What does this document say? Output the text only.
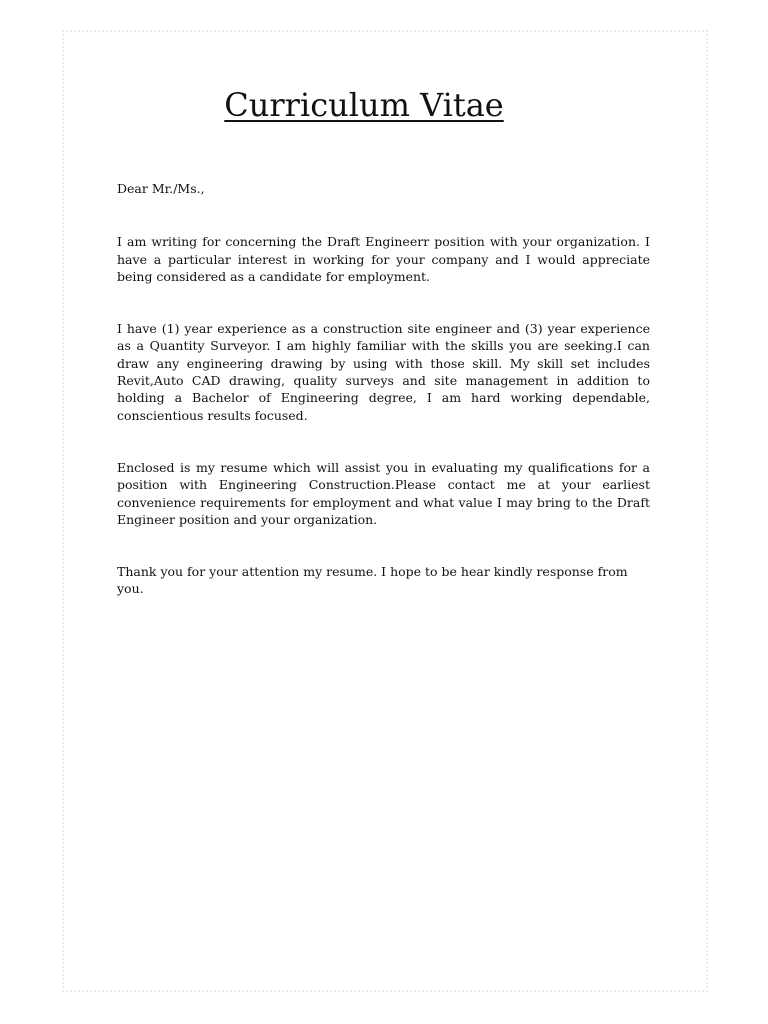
Curriculum Vitae

Dear Mr./Ms.,

I am writing for concerning the Draft Engineerr position with your organization. I have a particular interest in working for your company and I would appreciate being considered as a candidate for employment.

I have (1) year experience as a construction site engineer and (3) year experience as a Quantity Surveyor. I am highly familiar with the skills you are seeking.I can draw any engineering drawing by using with those skill. My skill set includes Revit,Auto CAD drawing, quality surveys and site management in addition to holding a Bachelor of Engineering degree, I am hard working dependable, conscientious results focused.

Enclosed is my resume which will assist you in evaluating my qualifications for a position with Engineering Construction.Please contact me at your earliest convenience requirements for employment and what value I may bring to the Draft Engineer position and your organization.

Thank you for your attention my resume. I hope to be hear kindly response from you.
